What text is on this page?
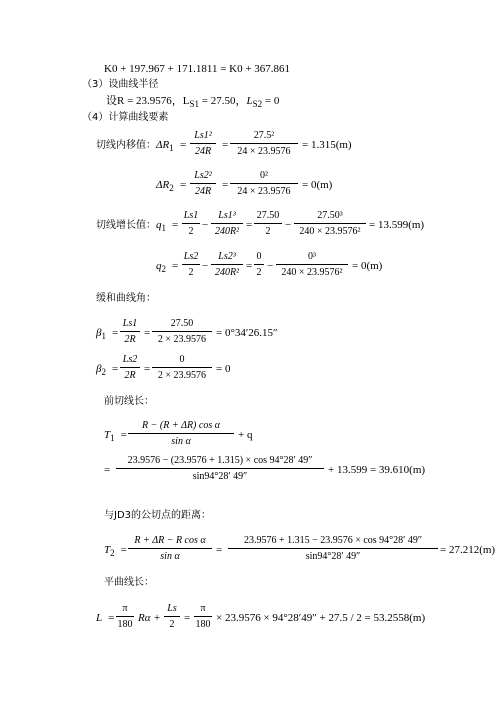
K0 + 197.967 + 171.1811 = K0 + 367.861
（3）设曲线半径
设R = 23.9576，$L_{S1} = 27.50$，$L_{S2} = 0$
（4）计算曲线要素
切线内移值： $\Delta R_1$ =
Ls1²
24R
=
27.5²
24 × 23.9576
= 1.315(m)
$\Delta R_2$ =
Ls2²
24R
=
0²
24 × 23.9576
= 0(m)
切线增长值： $q_1$ =
Ls1
2
−
Ls1³
240R²
=
27.50
2
−
27.50³
240 × 23.9576²
= 13.599(m)
$q_2$ =
Ls2
2
−
Ls2³
240R²
=
0
2
−
0³
240 × 23.9576²
= 0(m)
缓和曲线角：
$\beta_1$ =
Ls1
2R
=
27.50
2 × 23.9576
= 0°34′26.15″
$\beta_2$ =
Ls2
2R
=
0
2 × 23.9576
= 0
前切线长：
$T_1$ =
R − (R + ΔR) cos α
sin α
+ q
=
23.9576 − (23.9576 + 1.315) × cos 94°28′ 49″
sin94°28′ 49″
+ 13.599 = 39.610(m)
与JD3的公切点的距离：
$T_2$ =
R + ΔR − R cos α
sin α
=
23.9576 + 1.315 − 23.9576 × cos 94°28′ 49″
sin94°28′ 49″
= 27.212(m)
平曲线长：
L =
π
180
Rα +
Ls
2
=
π
180
× 23.9576 × 94°28′49″ + 27.5 / 2 = 53.2558(m)
